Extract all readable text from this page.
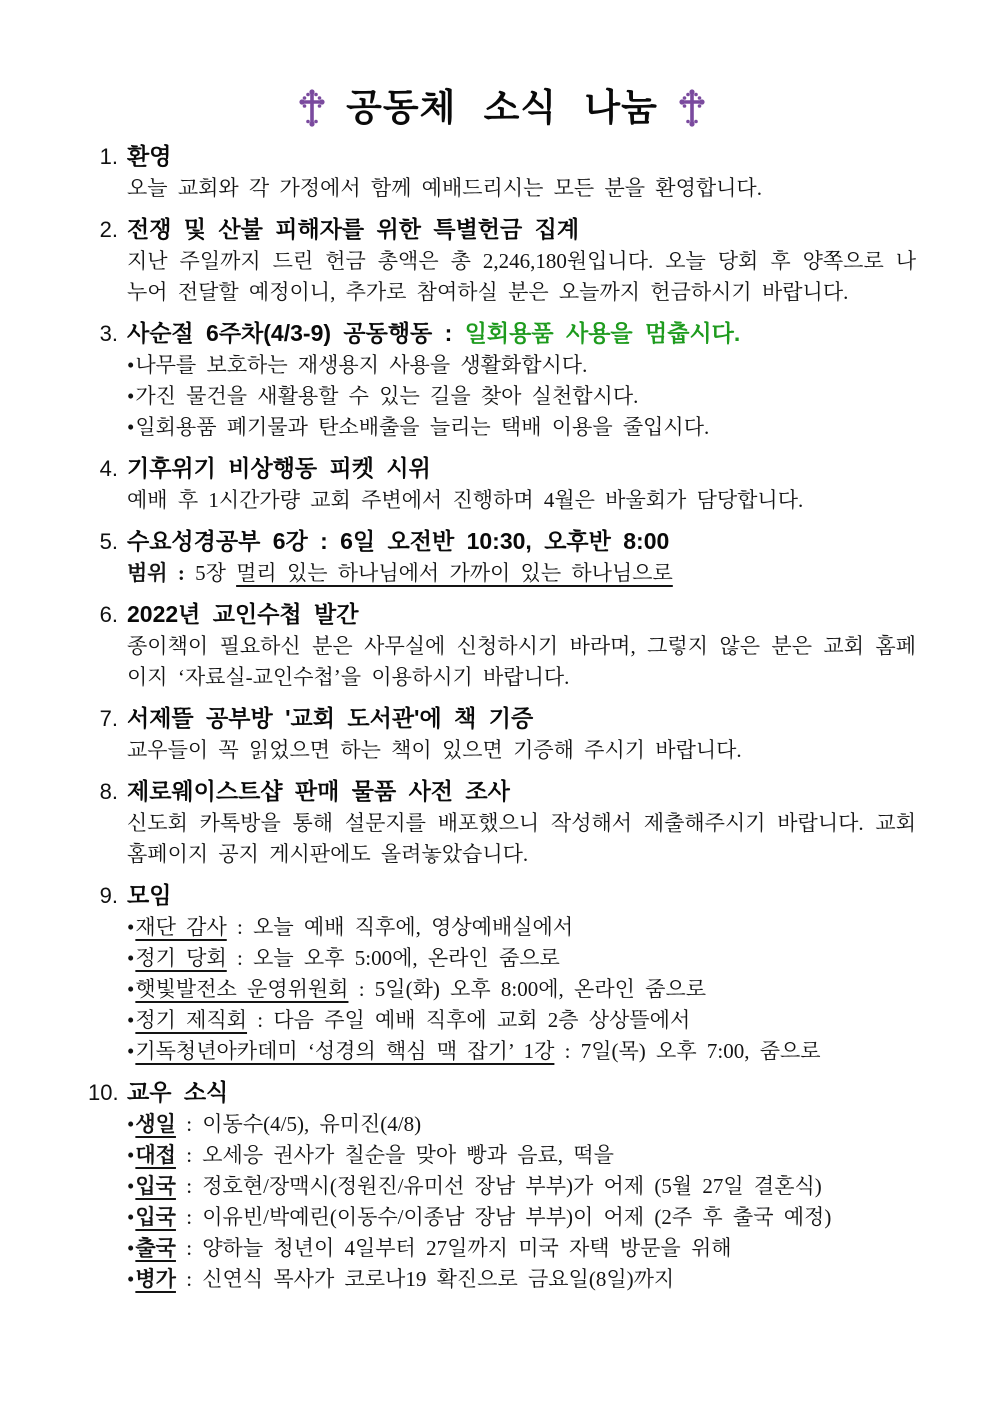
공동체 소식 나눔
1. 환영

오늘 교회와 각 가정에서 함께 예배드리시는 모든 분을 환영합니다.

2. 전쟁 및 산불 피해자를 위한 특별헌금 집계

지난 주일까지 드린 헌금 총액은 총 2,246,180원입니다. 오늘 당회 후 양쪽으로 나누어 전달할 예정이니, 추가로 참여하실 분은 오늘까지 헌금하시기 바랍니다.

3. 사순절 6주차(4/3-9) 공동행동 : 일회용품 사용을 멈춥시다.

•나무를 보호하는 재생용지 사용을 생활화합시다.

•가진 물건을 새활용할 수 있는 길을 찾아 실천합시다.

•일회용품 폐기물과 탄소배출을 늘리는 택배 이용을 줄입시다.

4. 기후위기 비상행동 피켓 시위

예배 후 1시간가량 교회 주변에서 진행하며 4월은 바울회가 담당합니다.

5. 수요성경공부 6강 : 6일 오전반 10:30, 오후반 8:00

범위 : 5장 멀리 있는 하나님에서 가까이 있는 하나님으로

6. 2022년 교인수첩 발간

종이책이 필요하신 분은 사무실에 신청하시기 바라며, 그렇지 않은 분은 교회 홈페이지 ‘자료실-교인수첩’을 이용하시기 바랍니다.

7. 서제뜰 공부방 '교회 도서관'에 책 기증

교우들이 꼭 읽었으면 하는 책이 있으면 기증해 주시기 바랍니다.

8. 제로웨이스트샵 판매 물품 사전 조사

신도회 카톡방을 통해 설문지를 배포했으니 작성해서 제출해주시기 바랍니다. 교회 홈페이지 공지 게시판에도 올려놓았습니다.

9. 모임

•재단 감사 : 오늘 예배 직후에, 영상예배실에서

•정기 당회 : 오늘 오후 5:00에, 온라인 줌으로

•햇빛발전소 운영위원회 : 5일(화) 오후 8:00에, 온라인 줌으로

•정기 제직회 : 다음 주일 예배 직후에 교회 2층 상상뜰에서

•기독청년아카데미 ‘성경의 핵심 맥 잡기’ 1강 : 7일(목) 오후 7:00, 줌으로

10. 교우 소식

•생일 : 이동수(4/5), 유미진(4/8)

•대접 : 오세응 권사가 칠순을 맞아 빵과 음료, 떡을

•입국 : 정호현/장맥시(정원진/유미선 장남 부부)가 어제 (5월 27일 결혼식)

•입국 : 이유빈/박예린(이동수/이종남 장남 부부)이 어제 (2주 후 출국 예정)

•출국 : 양하늘 청년이 4일부터 27일까지 미국 자택 방문을 위해

•병가 : 신연식 목사가 코로나19 확진으로 금요일(8일)까지
